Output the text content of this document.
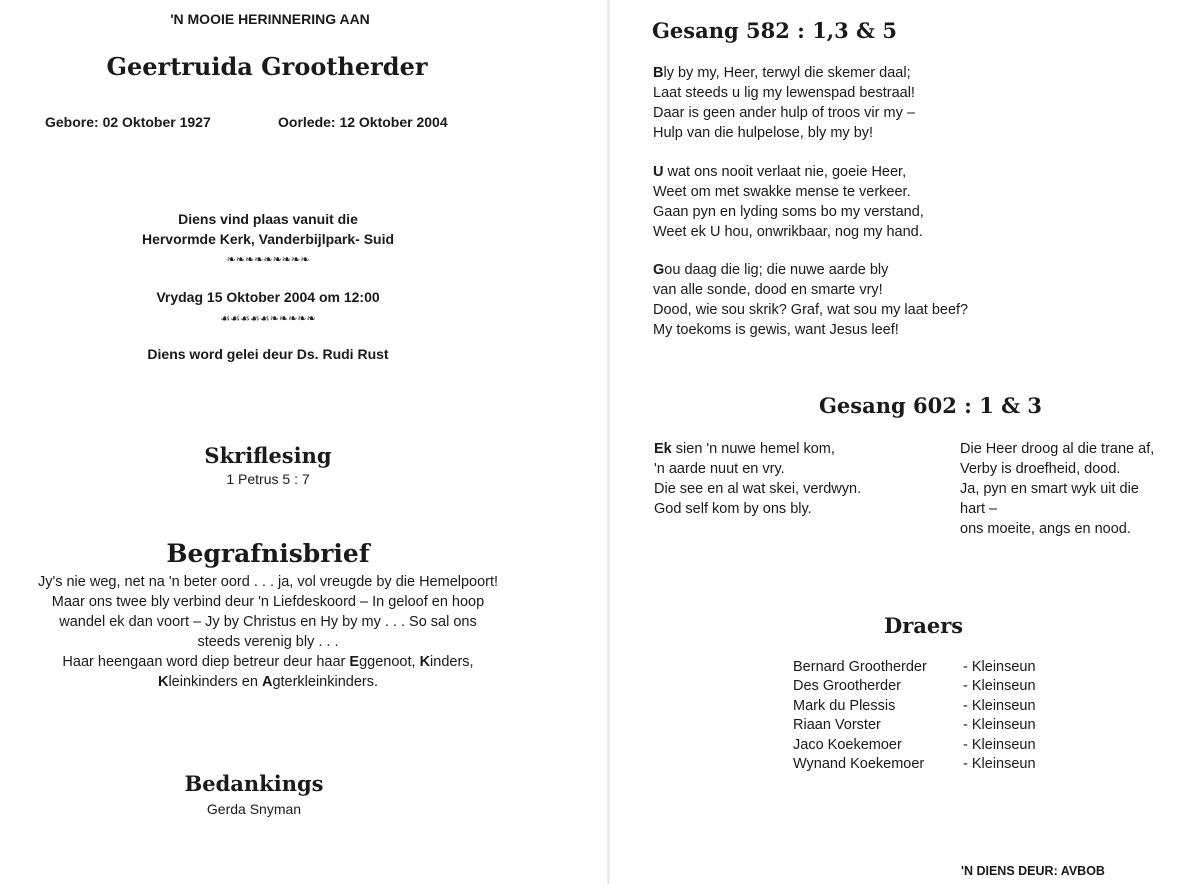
'N MOOIE HERINNERING AAN
Geertruida Grootherder
Gebore: 02 Oktober 1927	Oorlede: 12 Oktober 2004
Diens vind plaas vanuit die
Hervormde Kerk, Vanderbijlpark- Suid
❧❧❧❧❧❧❧❧❧
Vrydag 15 Oktober 2004 om 12:00
☙☙☙☙☙❧❧❧❧❧
Diens word gelei deur Ds. Rudi Rust
Skriflesing
1 Petrus 5 : 7
Begrafnisbrief
Jy's nie weg, net na 'n beter oord . . . ja, vol vreugde by die Hemelpoort!
Maar ons twee bly verbind deur 'n Liefdeskoord – In geloof en hoop
wandel ek dan voort – Jy by Christus en Hy by my . . . So sal ons
steeds verenig bly . . .
Haar heengaan word diep betreur deur haar Eggenoot, Kinders,
Kleinkinders en Agterkleinkinders.
Bedankings
Gerda Snyman
Gesang 582 : 1,3 & 5
Bly by my, Heer, terwyl die skemer daal;
Laat steeds u lig my lewenspad bestraal!
Daar is geen ander hulp of troos vir my –
Hulp van die hulpelose, bly my by!
U wat ons nooit verlaat nie, goeie Heer,
Weet om met swakke mense te verkeer.
Gaan pyn en lyding soms bo my verstand,
Weet ek U hou, onwrikbaar, nog my hand.
Gou daag die lig; die nuwe aarde bly
van alle sonde, dood en smarte vry!
Dood, wie sou skrik? Graf, wat sou my laat beef?
My toekoms is gewis, want Jesus leef!
Gesang 602 : 1 & 3
Ek sien 'n nuwe hemel kom,
'n aarde nuut en vry.
Die see en al wat skei, verdwyn.
God self kom by ons bly.
Die Heer droog al die trane af,
Verby is droefheid, dood.
Ja, pyn en smart wyk uit die
hart –
ons moeite, angs en nood.
Draers
Bernard Grootherder	- Kleinseun
Des Grootherder	- Kleinseun
Mark du Plessis	- Kleinseun
Riaan Vorster	- Kleinseun
Jaco Koekemoer	- Kleinseun
Wynand Koekemoer	- Kleinseun
'N DIENS DEUR: AVBOB
